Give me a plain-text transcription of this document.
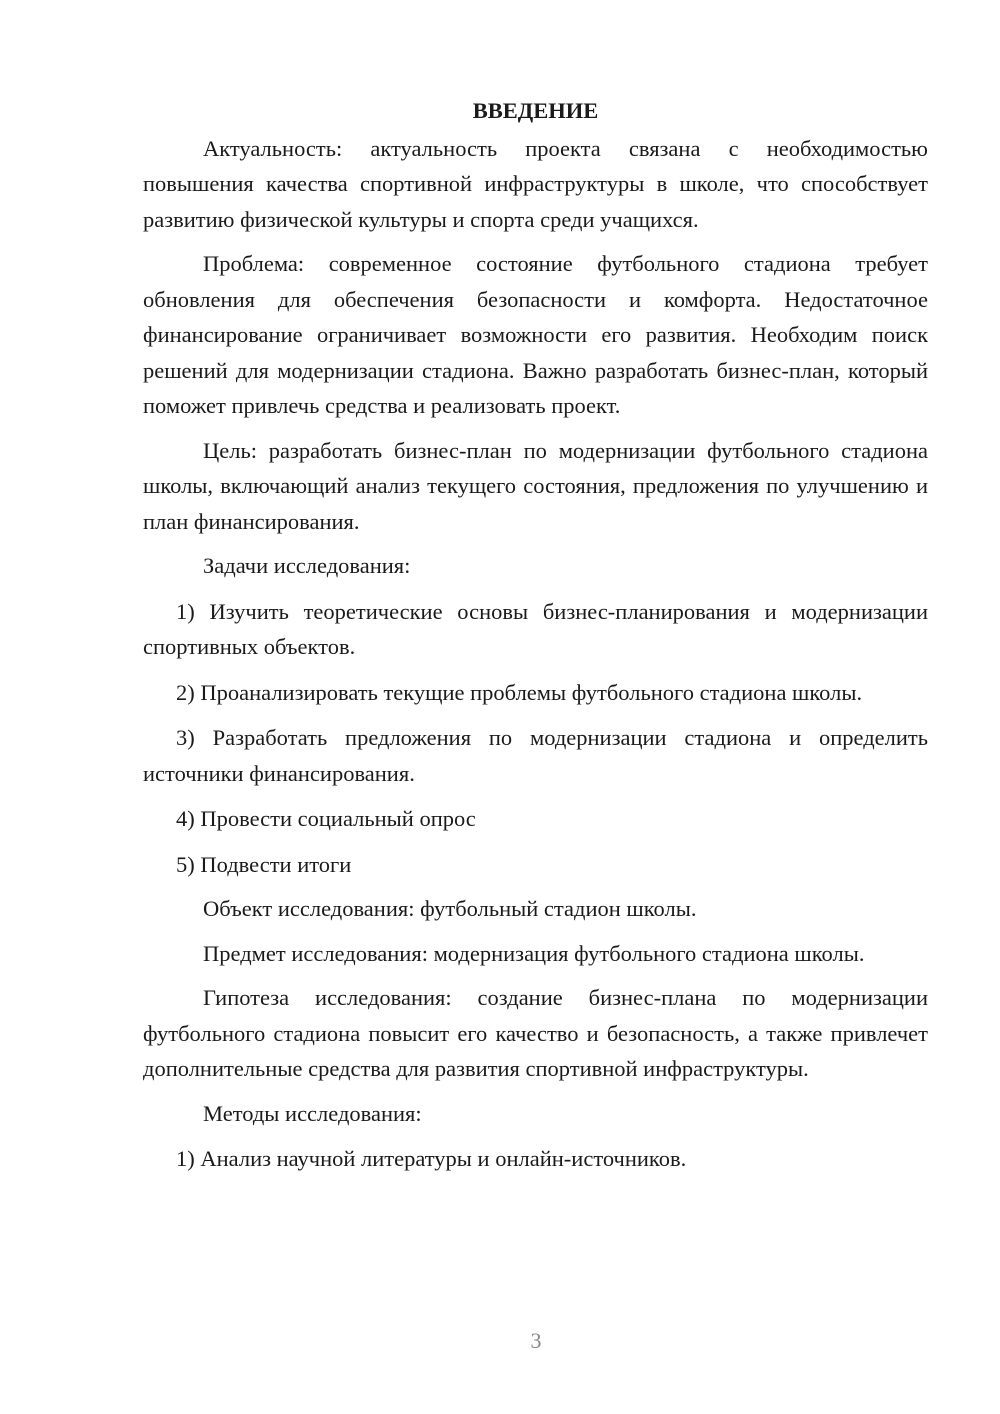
ВВЕДЕНИЕ

Актуальность: актуальность проекта связана с необходимостью повышения качества спортивной инфраструктуры в школе, что способствует развитию физической культуры и спорта среди учащихся.

Проблема: современное состояние футбольного стадиона требует обновления для обеспечения безопасности и комфорта. Недостаточное финансирование ограничивает возможности его развития. Необходим поиск решений для модернизации стадиона. Важно разработать бизнес-план, который поможет привлечь средства и реализовать проект.

Цель: разработать бизнес-план по модернизации футбольного стадиона школы, включающий анализ текущего состояния, предложения по улучшению и план финансирования.

Задачи исследования:

1) Изучить теоретические основы бизнес-планирования и модернизации спортивных объектов.

2) Проанализировать текущие проблемы футбольного стадиона школы.

3) Разработать предложения по модернизации стадиона и определить источники финансирования.

4) Провести социальный опрос

5) Подвести итоги

Объект исследования: футбольный стадион школы.

Предмет исследования: модернизация футбольного стадиона школы.

Гипотеза исследования: создание бизнес-плана по модернизации футбольного стадиона повысит его качество и безопасность, а также привлечет дополнительные средства для развития спортивной инфраструктуры.

Методы исследования:

1) Анализ научной литературы и онлайн-источников.

3
